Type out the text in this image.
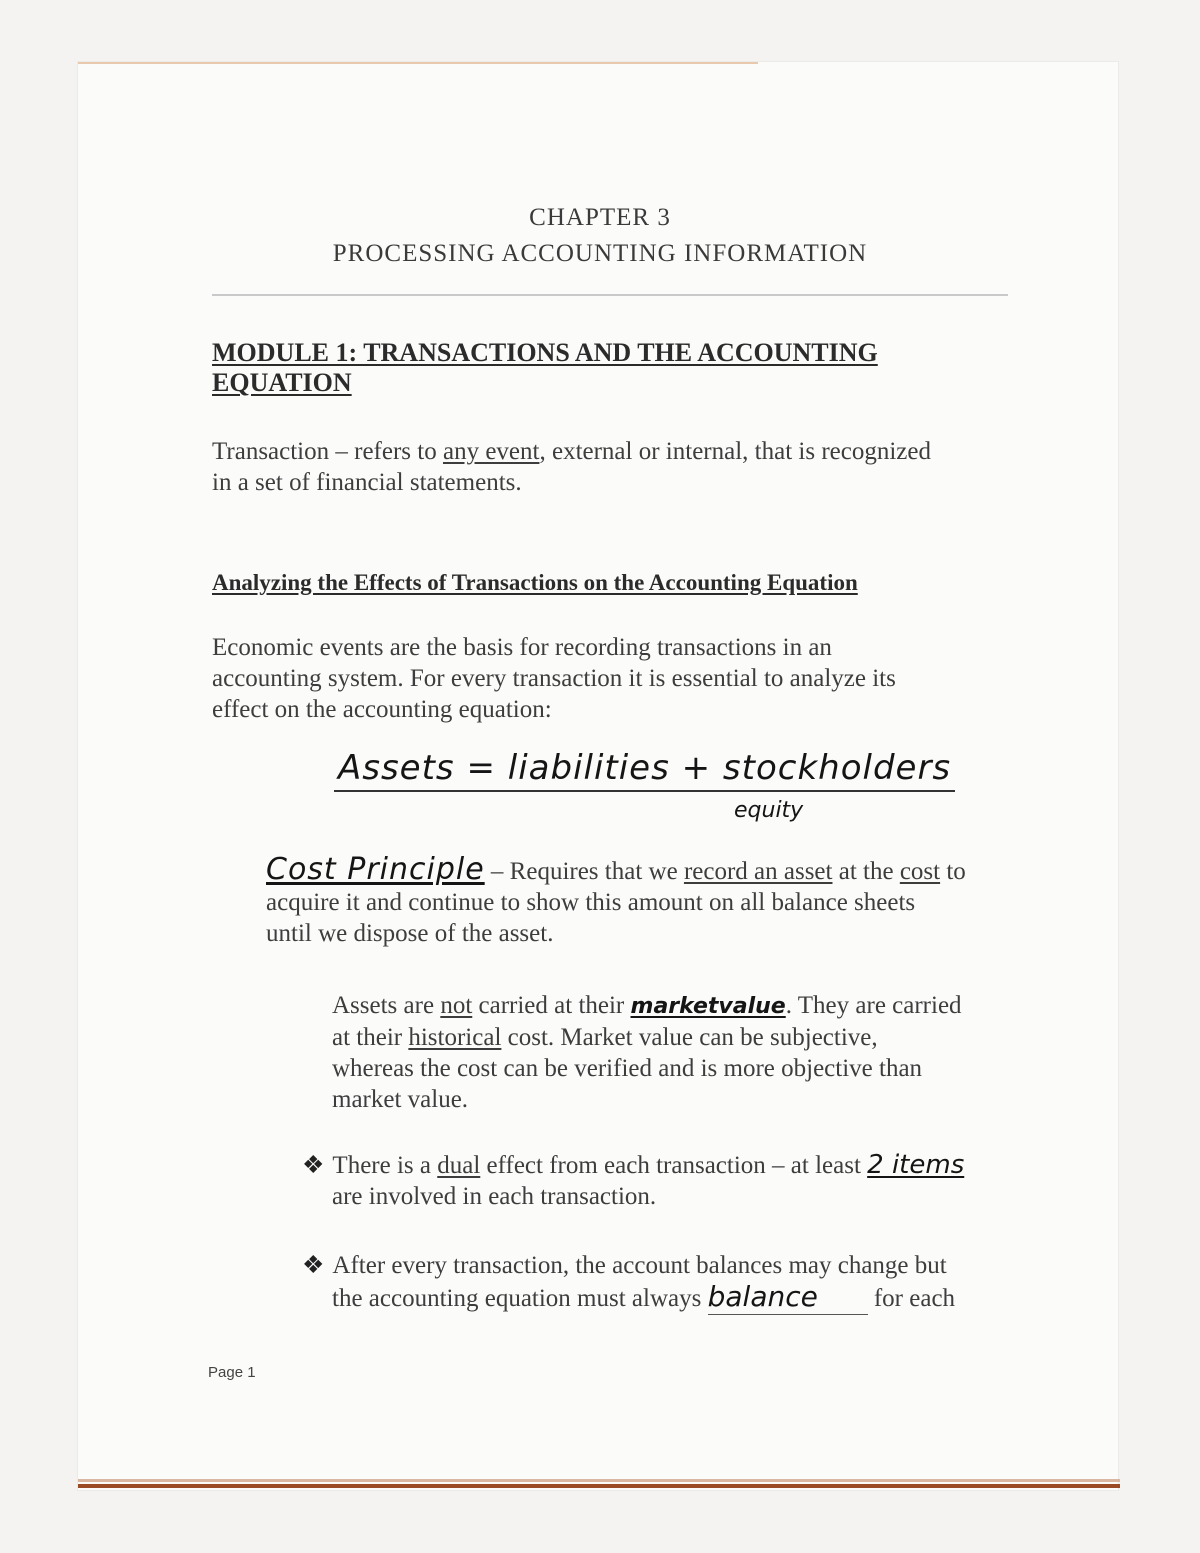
CHAPTER 3
PROCESSING ACCOUNTING INFORMATION
MODULE 1: TRANSACTIONS AND THE ACCOUNTING EQUATION
Transaction – refers to any event, external or internal, that is recognized
in a set of financial statements.
Analyzing the Effects of Transactions on the Accounting Equation
Economic events are the basis for recording transactions in an
accounting system. For every transaction it is essential to analyze its
effect on the accounting equation:
Assets = liabilities + stockholders
equity
Cost Principle – Requires that we record an asset at the cost to
acquire it and continue to show this amount on all balance sheets
until we dispose of the asset.
Assets are not carried at their marketvalue. They are carried
at their historical cost. Market value can be subjective,
whereas the cost can be verified and is more objective than
market value.
❖ There is a dual effect from each transaction – at least 2 items
are involved in each transaction.
❖ After every transaction, the account balances may change but
the accounting equation must always balance for each
Page 1
